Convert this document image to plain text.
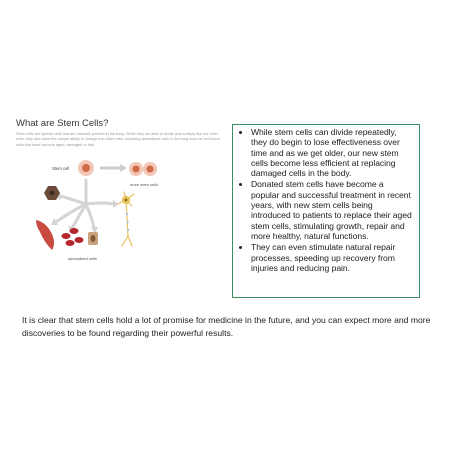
What are Stem Cells?
Stem cells are special cells that are naturally present in the body. While they are able to divide and multiply like our other cells, they also have the unique ability to change into other cells, replacing specialised cells in the body such as red blood cells that have become aged, damaged or lost.
Stem cell
more stem cells
specialised cells
• While stem cells can divide repeatedly, they do begin to lose effectiveness over time and as we get older, our new stem cells become less efficient at replacing damaged cells in the body.
• Donated stem cells have become a popular and successful treatment in recent years, with new stem cells being introduced to patients to replace their aged stem cells, stimulating growth, repair and more healthy, natural functions.
• They can even stimulate natural repair processes, speeding up recovery from injuries and reducing pain.
It is clear that stem cells hold a lot of promise for medicine in the future, and you can expect more and more discoveries to be found regarding their powerful results.
